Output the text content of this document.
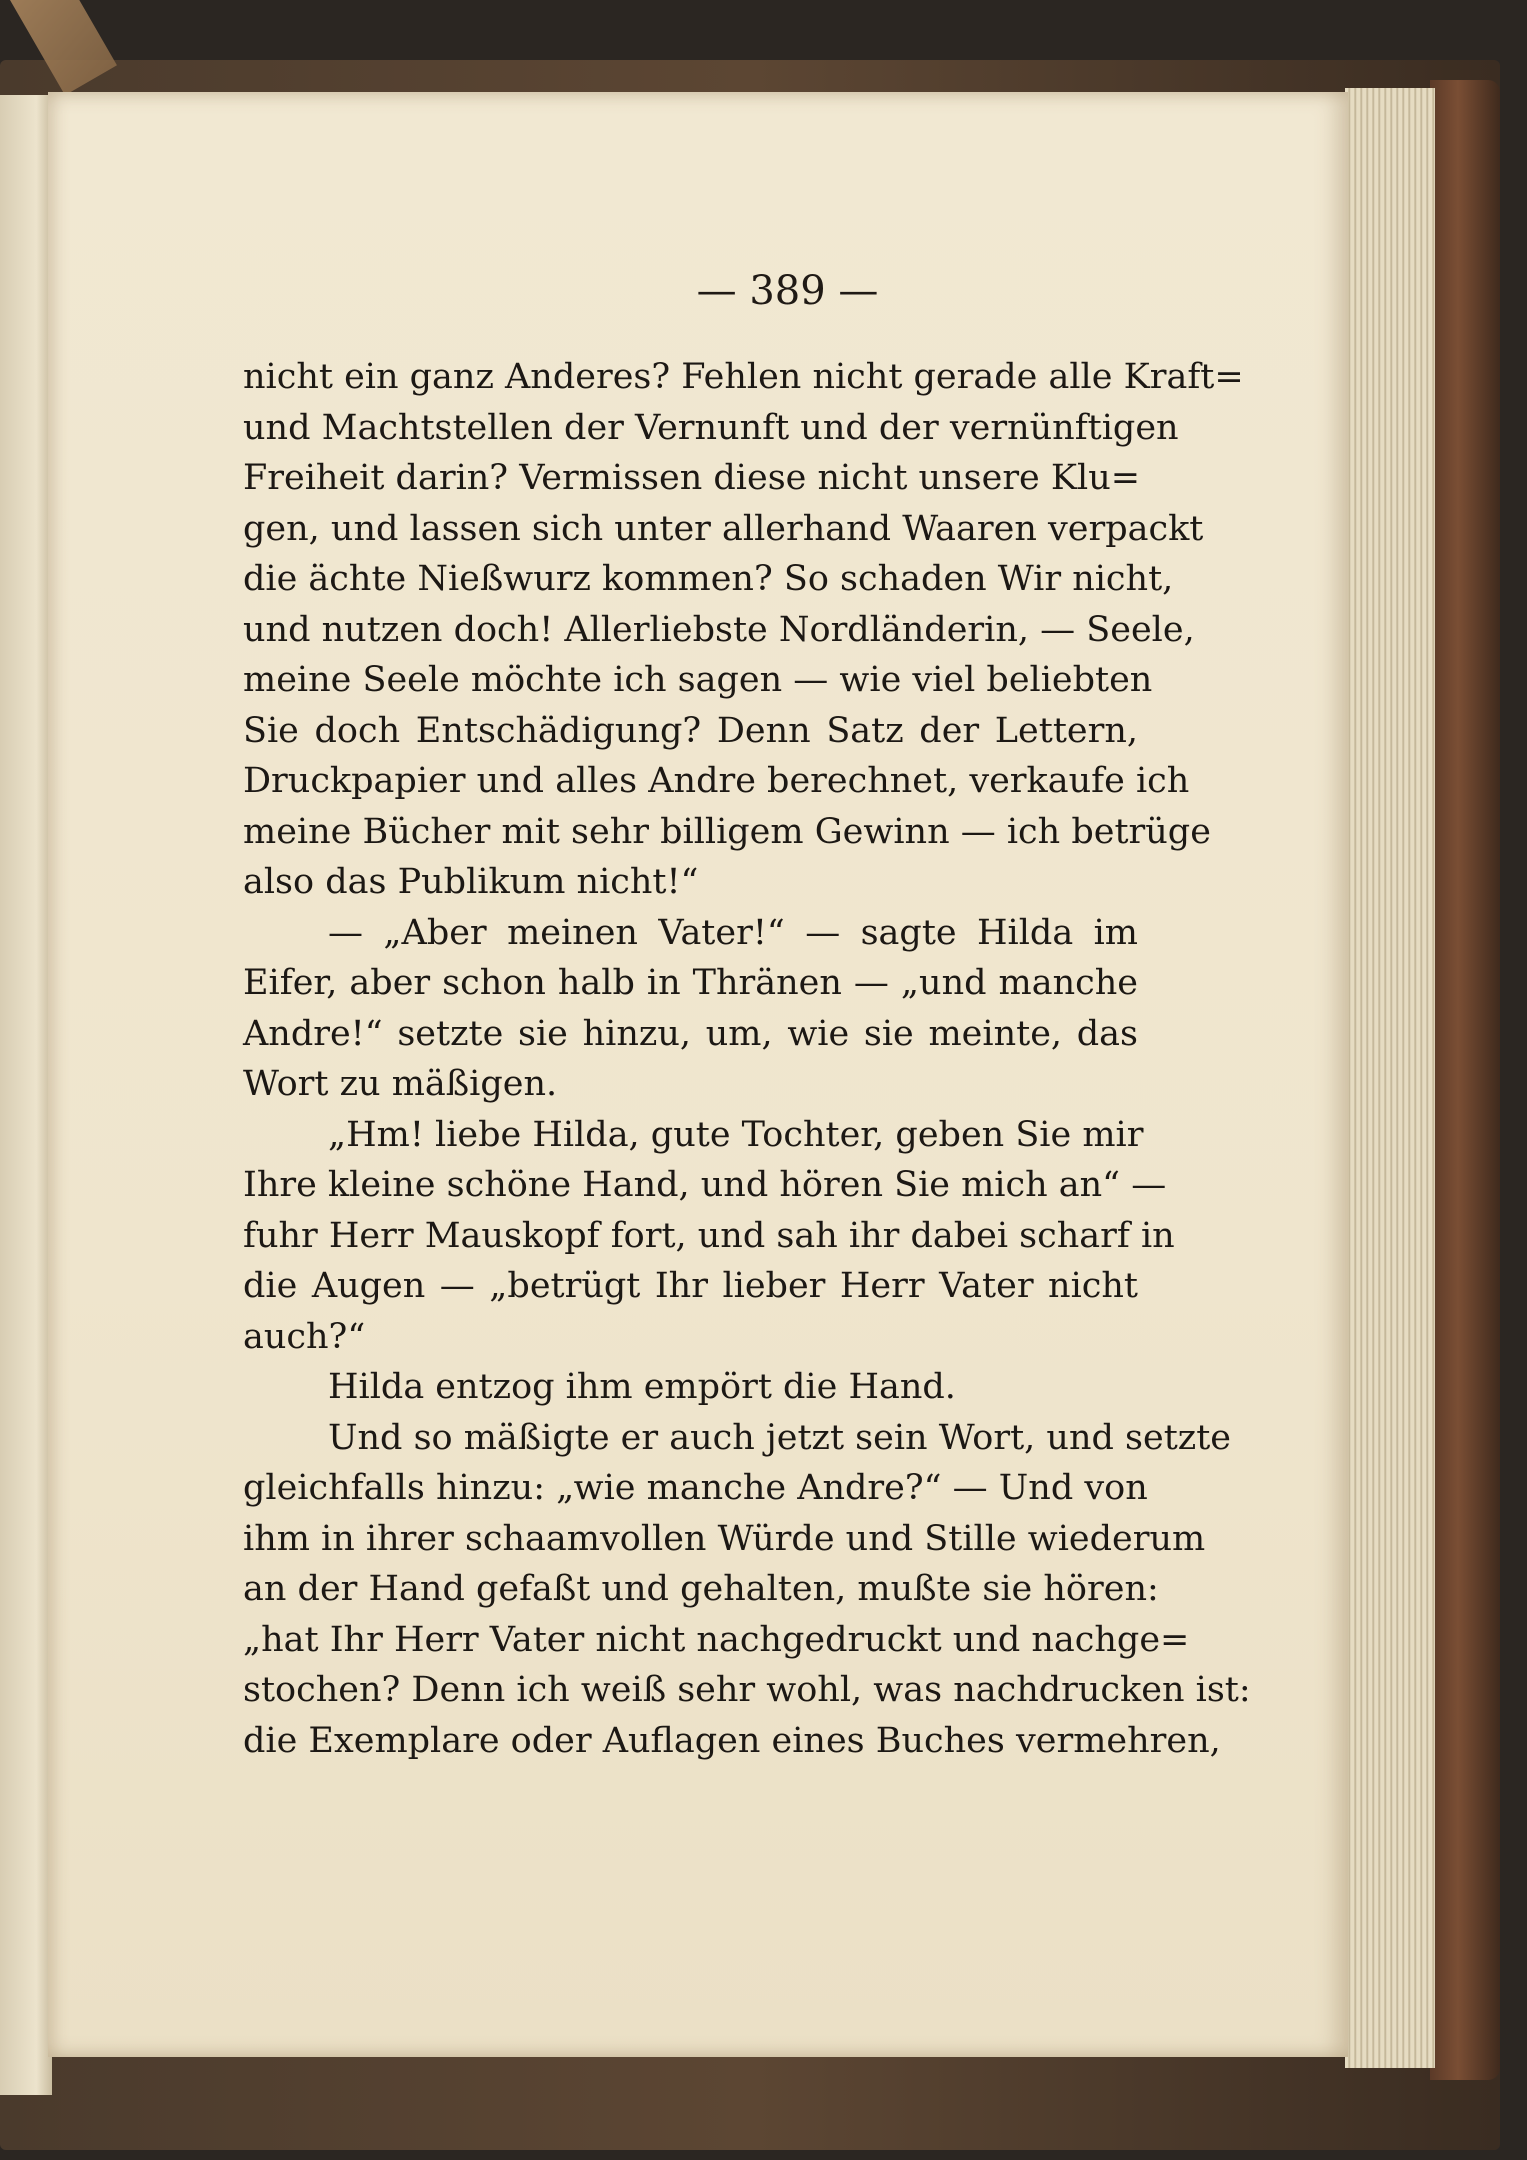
— 389 —
nicht ein ganz Anderes? Fehlen nicht gerade alle Kraft=
und Machtstellen der Vernunft und der vernünftigen
Freiheit darin? Vermissen diese nicht unsere Klu=
gen, und lassen sich unter allerhand Waaren verpackt
die ächte Nießwurz kommen? So schaden Wir nicht,
und nutzen doch! Allerliebste Nordländerin, — Seele,
meine Seele möchte ich sagen — wie viel beliebten
Sie doch Entschädigung? Denn Satz der Lettern,
Druckpapier und alles Andre berechnet, verkaufe ich
meine Bücher mit sehr billigem Gewinn — ich betrüge
also das Publikum nicht!“
— „Aber meinen Vater!“ — sagte Hilda im
Eifer, aber schon halb in Thränen — „und manche
Andre!“ setzte sie hinzu, um, wie sie meinte, das
Wort zu mäßigen.
„Hm! liebe Hilda, gute Tochter, geben Sie mir
Ihre kleine schöne Hand, und hören Sie mich an“ —
fuhr Herr Mauskopf fort, und sah ihr dabei scharf in
die Augen — „betrügt Ihr lieber Herr Vater nicht
auch?“
Hilda entzog ihm empört die Hand.
Und so mäßigte er auch jetzt sein Wort, und setzte
gleichfalls hinzu: „wie manche Andre?“ — Und von
ihm in ihrer schaamvollen Würde und Stille wiederum
an der Hand gefaßt und gehalten, mußte sie hören:
„hat Ihr Herr Vater nicht nachgedruckt und nachge=
stochen? Denn ich weiß sehr wohl, was nachdrucken ist:
die Exemplare oder Auflagen eines Buches vermehren,
